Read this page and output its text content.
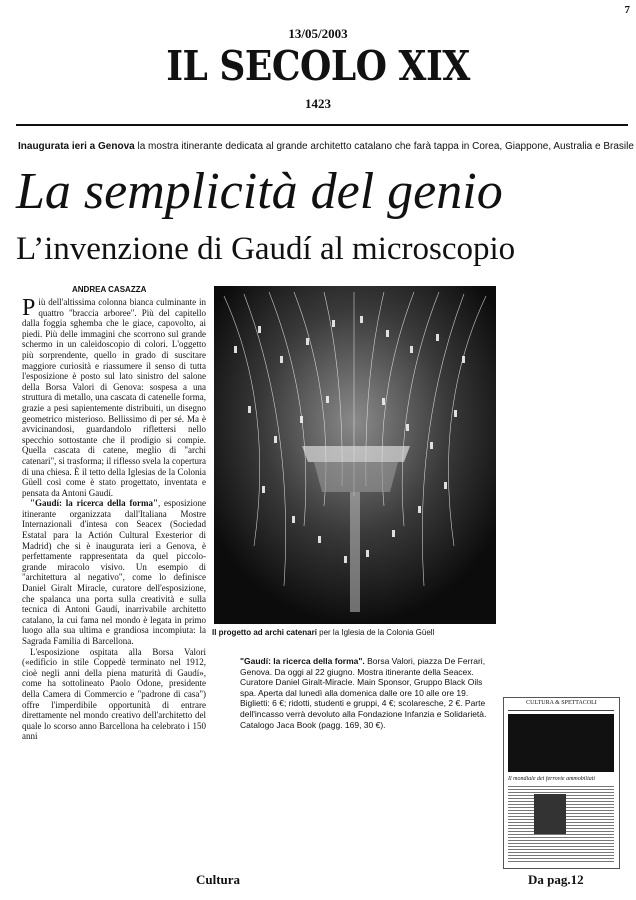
7
13/05/2003
IL SECOLO XIX
1423
Inaugurata ieri a Genova la mostra itinerante dedicata al grande architetto catalano che farà tappa in Corea, Giappone, Australia e Brasile
La semplicità del genio
L’invenzione di Gaudí al microscopio
ANDREA CASAZZA

Più dell'altissima colonna bianca culminante in quattro "braccia arboree". Più del capitello dalla foggia sghemba che le giace, capovolto, ai piedi. Più delle immagini che scorrono sul grande schermo in un caleidoscopio di colori. L'oggetto più sorprendente, quello in grado di suscitare maggiore curiosità e riassumere il senso di tutta l'esposizione è posto sul lato sinistro del salone della Borsa Valori di Genova: sospesa a una struttura di metallo, una cascata di catenelle forma, grazie a pesi sapientemente distribuiti, un disegno geometrico misterioso. Bellissimo di per sé. Ma è avvicinandosi, guardandolo riflettersi nello specchio sottostante che il prodigio si compie. Quella cascata di catene, meglio di "archi catenari", si trasforma; il riflesso svela la copertura di una chiesa. È il tetto della Iglesias de la Colonia Güell così come è stato progettato, inventata e pensata da Antoni Gaudí.

"Gaudí: la ricerca della forma", esposizione itinerante organizzata dall'Italiana Mostre Internazionali d'intesa con Seacex (Sociedad Estatal para la Actión Cultural Exesterior di Madrid) che si è inaugurata ieri a Genova, è perfettamente rappresentata da quel piccolo-grande miracolo visivo. Un esempio di "architettura al negativo", come lo definisce Daniel Giralt Miracle, curatore dell'esposizione, che spalanca una porta sulla creatività e sulla tecnica di Antoni Gaudí, inarrivabile architetto catalano, la cui fama nel mondo è legata in primo luogo alla sua ultima e grandiosa incompiuta: la Sagrada Familia di Barcellona.

L'esposizione ospitata alla Borsa Valori («edificio in stile Coppedè terminato nel 1912, cioè negli anni della piena maturità di Gaudí», come ha sottolineato Paolo Odone, presidente della Camera di Commercio e "padrone di casa") offre l'imperdibile opportunità di entrare direttamente nel mondo creativo dell'architetto del quale lo scorso anno Barcellona ha celebrato i 150 anni

Il progetto ad archi catenari per la Iglesia de la Colonia Güell
"Gaudí: la ricerca della forma". Borsa Valori, piazza De Ferrari, Genova. Da oggi al 22 giugno. Mostra itinerante della Seacex. Curatore Daniel Giralt-Miracle. Main Sponsor, Gruppo Black Oils spa. Aperta dal lunedì alla domenica dalle ore 10 alle ore 19. Biglietti: 6 €; ridotti, studenti e gruppi, 4 €; scolaresche, 2 €. Parte dell'incasso verrà devoluto alla Fondazione Infanzia e Solidarietà. Catalogo Jaca Book (pagg. 169, 30 €).
CULTURA & SPETTACOLI
Il mondiale dei ferrovie ammobiliati
Cultura	Da pag.12
